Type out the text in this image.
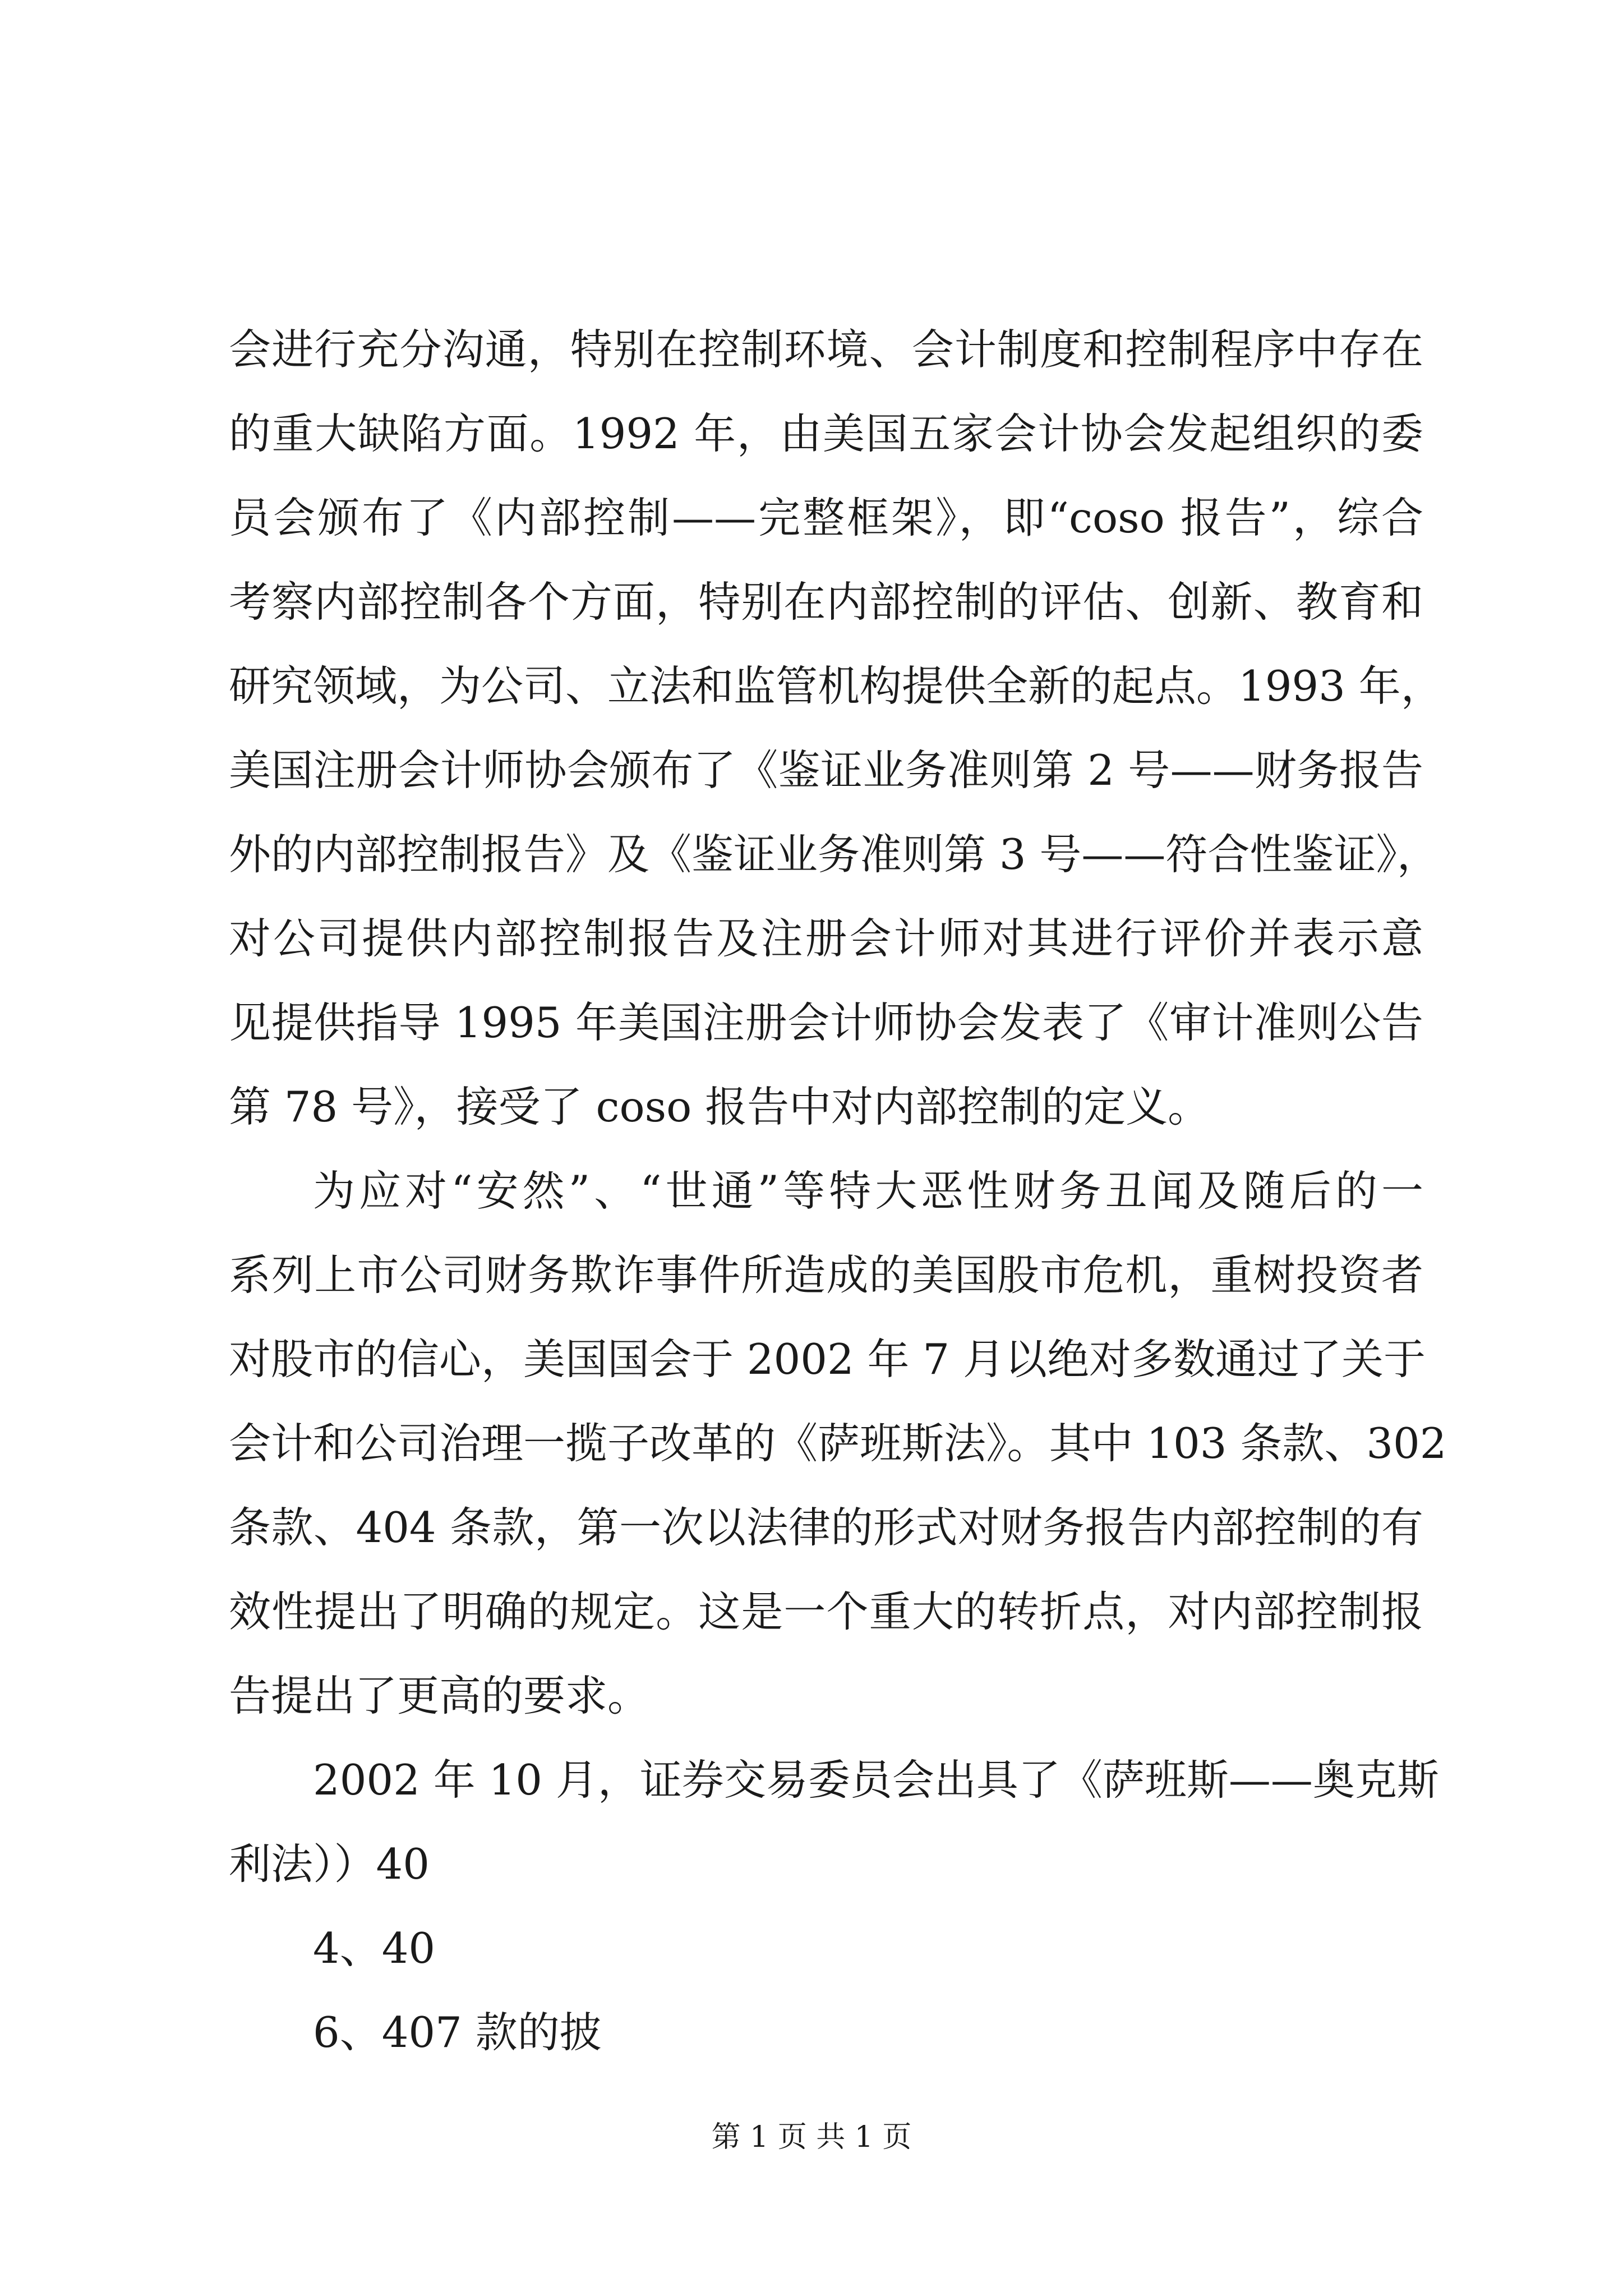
会进行充分沟通，特别在控制环境、会计制度和控制程序中存在
的重大缺陷方面。1992 年，由美国五家会计协会发起组织的委
员会颁布了《内部控制——完整框架》，即“coso 报告”，综合
考察内部控制各个方面，特别在内部控制的评估、创新、教育和
研究领域，为公司、立法和监管机构提供全新的起点。1993 年，
美国注册会计师协会颁布了《鉴证业务准则第 2 号——财务报告
外的内部控制报告》及《鉴证业务准则第 3 号——符合性鉴证》，
对公司提供内部控制报告及注册会计师对其进行评价并表示意
见提供指导 1995 年美国注册会计师协会发表了《审计准则公告
第 78 号》，接受了 coso 报告中对内部控制的定义。
为应对“安然”、“世通”等特大恶性财务丑闻及随后的一
系列上市公司财务欺诈事件所造成的美国股市危机，重树投资者
对股市的信心，美国国会于 2002 年 7 月以绝对多数通过了关于
会计和公司治理一揽子改革的《萨班斯法》。其中 103 条款、302
条款、404 条款，第一次以法律的形式对财务报告内部控制的有
效性提出了明确的规定。这是一个重大的转折点，对内部控制报
告提出了更高的要求。
2002 年 10 月，证券交易委员会出具了《萨班斯——奥克斯
利法））40
4、40
6、407 款的披
第 1 页 共 1 页
